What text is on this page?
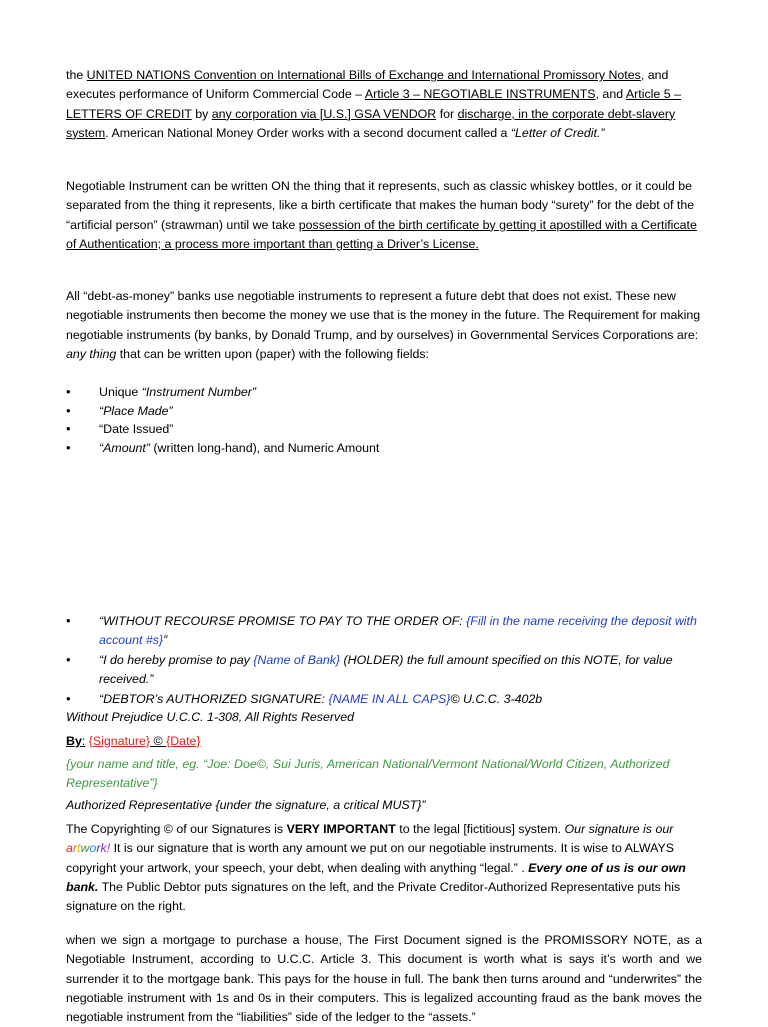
the UNITED NATIONS Convention on International Bills of Exchange and International Promissory Notes, and executes performance of Uniform Commercial Code – Article 3 – NEGOTIABLE INSTRUMENTS, and Article 5 – LETTERS OF CREDIT by any corporation via [U.S.] GSA VENDOR for discharge, in the corporate debt-slavery system. American National Money Order works with a second document called a “Letter of Credit.”

Negotiable Instrument can be written ON the thing that it represents, such as classic whiskey bottles, or it could be separated from the thing it represents, like a birth certificate that makes the human body “surety” for the debt of the “artificial person” (strawman) until we take possession of the birth certificate by getting it apostilled with a Certificate of Authentication; a process more important than getting a Driver’s License.

All “debt-as-money” banks use negotiable instruments to represent a future debt that does not exist. These new negotiable instruments then become the money we use that is the money in the future. The Requirement for making negotiable instruments (by banks, by Donald Trump, and by ourselves) in Governmental Services Corporations are: any thing that can be written upon (paper) with the following fields:

• Unique “Instrument Number”
• “Place Made”
• “Date Issued”
• “Amount” (written long-hand), and Numeric Amount
• “WITHOUT RECOURSE PROMISE TO PAY TO THE ORDER OF: {Fill in the name receiving the deposit with account #s}”
• “I do hereby promise to pay {Name of Bank} (HOLDER) the full amount specified on this NOTE, for value received.”
• “DEBTOR’s AUTHORIZED SIGNATURE: {NAME IN ALL CAPS}© U.C.C. 3-402b

Without Prejudice U.C.C. 1-308, All Rights Reserved

By: {Signature} © {Date}

{your name and title, eg. “Joe: Doe©, Sui Juris, American National/Vermont National/World Citizen, Authorized Representative”}

Authorized Representative {under the signature, a critical MUST}”

The Copyrighting © of our Signatures is VERY IMPORTANT to the legal [fictitious] system. Our signature is our artwork! It is our signature that is worth any amount we put on our negotiable instruments. It is wise to ALWAYS copyright your artwork, your speech, your debt, when dealing with anything “legal.” . Every one of us is our own bank. The Public Debtor puts signatures on the left, and the Private Creditor-Authorized Representative puts his signature on the right.

when we sign a mortgage to purchase a house, The First Document signed is the PROMISSORY NOTE, as a Negotiable Instrument, according to U.C.C. Article 3. This document is worth what is says it’s worth and we surrender it to the mortgage bank. This pays for the house in full. The bank then turns around and “underwrites” the negotiable instrument with 1s and 0s in their computers. This is legalized accounting fraud as the bank moves the negotiable instrument from the “liabilities” side of the ledger to the “assets.”
